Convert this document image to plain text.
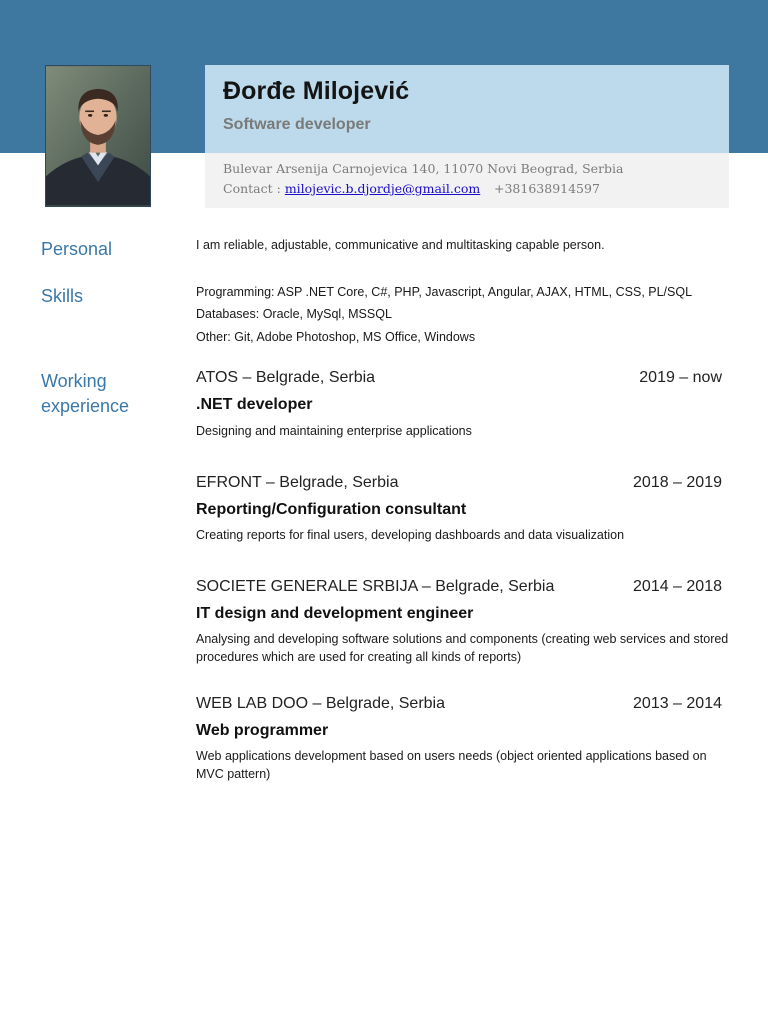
Đorđe Milojević
Software developer
Bulevar Arsenija Carnojevica 140, 11070 Novi Beograd, Serbia
Contact : milojevic.b.djordje@gmail.com +381638914597
Personal	I am reliable, adjustable, communicative and multitasking capable person.
Skills	Programming: ASP .NET Core, C#, PHP, Javascript, Angular, AJAX, HTML, CSS, PL/SQL
Databases: Oracle, MySql, MSSQL
Other: Git, Adobe Photoshop, MS Office, Windows
Working
experience
ATOS – Belgrade, Serbia	2019 – now
.NET developer
Designing and maintaining enterprise applications
EFRONT – Belgrade, Serbia	2018 – 2019
Reporting/Configuration consultant
Creating reports for final users, developing dashboards and data visualization
SOCIETE GENERALE SRBIJA – Belgrade, Serbia	2014 – 2018
IT design and development engineer
Analysing and developing software solutions and components (creating web services and stored procedures which are used for creating all kinds of reports)
WEB LAB DOO – Belgrade, Serbia	2013 – 2014
Web programmer
Web applications development based on users needs (object oriented applications based on MVC pattern)
